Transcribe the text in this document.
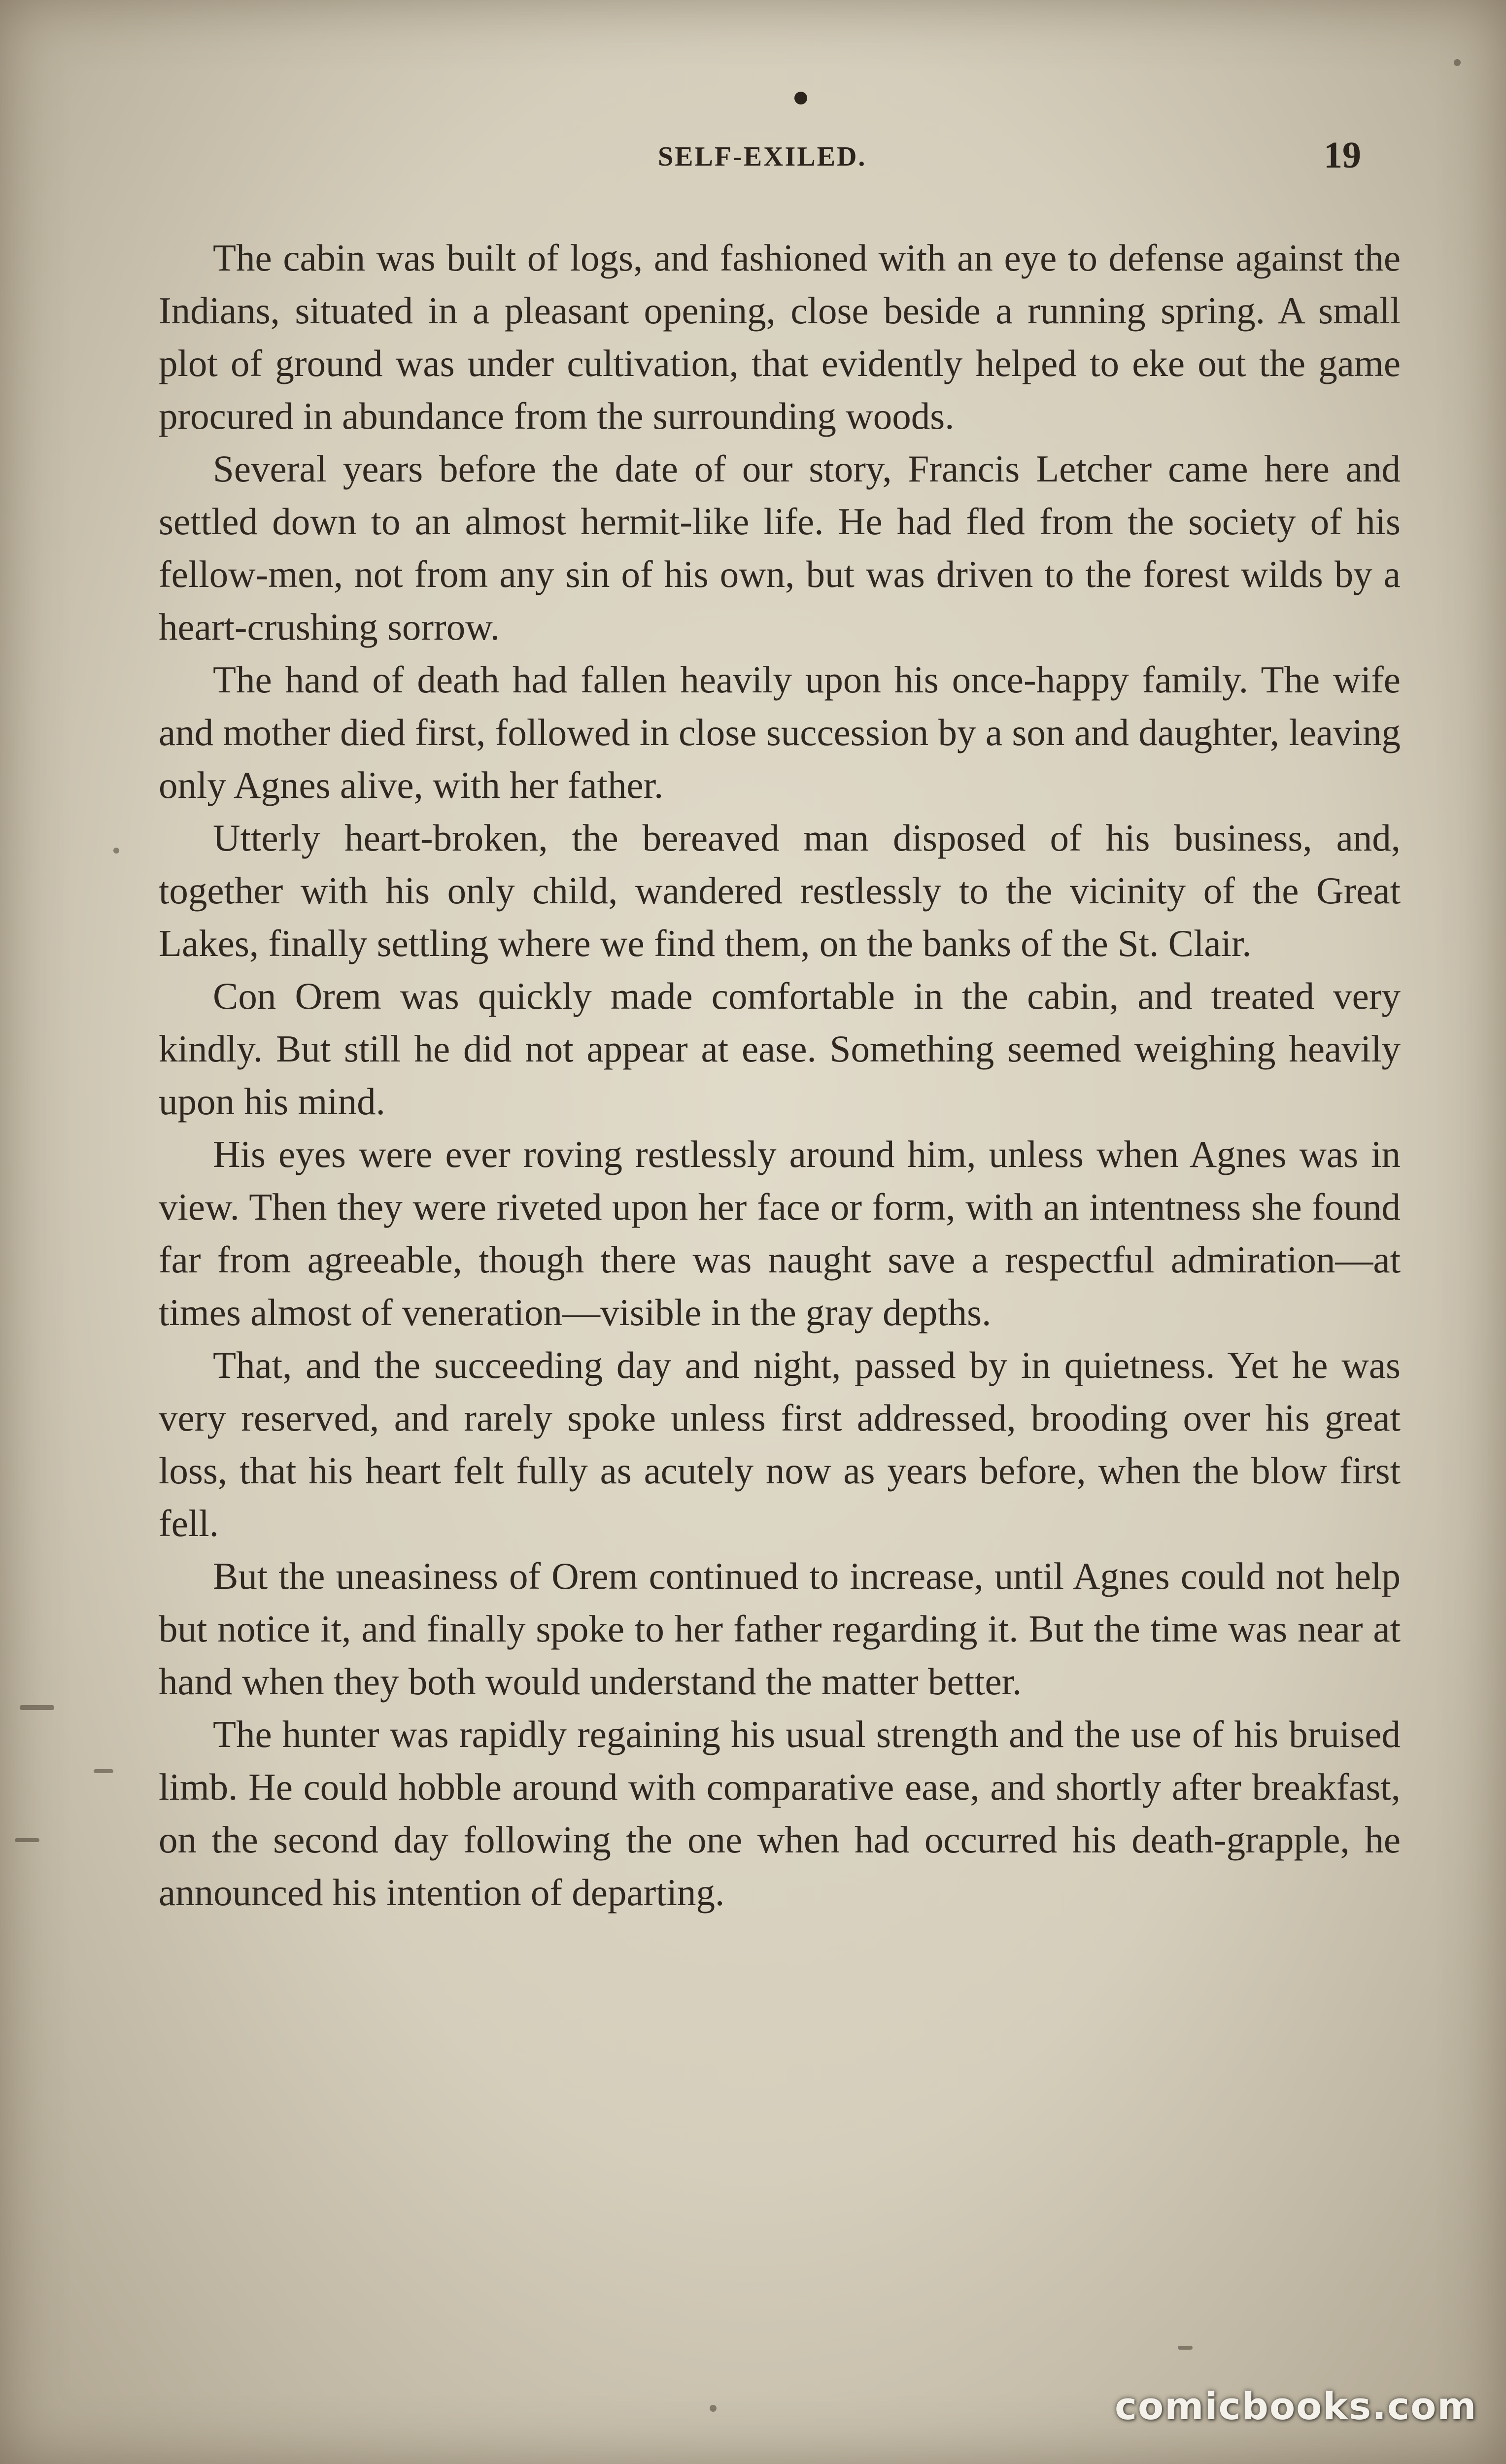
SELF-EXILED.	19

The cabin was built of logs, and fashioned with an eye to defense against the Indians, situated in a pleasant opening, close beside a running spring. A small plot of ground was under cultivation, that evidently helped to eke out the game procured in abundance from the surrounding woods.

Several years before the date of our story, Francis Letcher came here and settled down to an almost hermit-like life. He had fled from the society of his fellow-men, not from any sin of his own, but was driven to the forest wilds by a heart-crushing sorrow.

The hand of death had fallen heavily upon his once-happy family. The wife and mother died first, followed in close succession by a son and daughter, leaving only Agnes alive, with her father.

Utterly heart-broken, the bereaved man disposed of his business, and, together with his only child, wandered restlessly to the vicinity of the Great Lakes, finally settling where we find them, on the banks of the St. Clair.

Con Orem was quickly made comfortable in the cabin, and treated very kindly. But still he did not appear at ease. Something seemed weighing heavily upon his mind.

His eyes were ever roving restlessly around him, unless when Agnes was in view. Then they were riveted upon her face or form, with an intentness she found far from agreeable, though there was naught save a respectful admiration—at times almost of veneration—visible in the gray depths.

That, and the succeeding day and night, passed by in quietness. Yet he was very reserved, and rarely spoke unless first addressed, brooding over his great loss, that his heart felt fully as acutely now as years before, when the blow first fell.

But the uneasiness of Orem continued to increase, until Agnes could not help but notice it, and finally spoke to her father regarding it. But the time was near at hand when they both would understand the matter better.

The hunter was rapidly regaining his usual strength and the use of his bruised limb. He could hobble around with comparative ease, and shortly after breakfast, on the second day following the one when had occurred his death-grapple, he announced his intention of departing.

comicbooks.com
